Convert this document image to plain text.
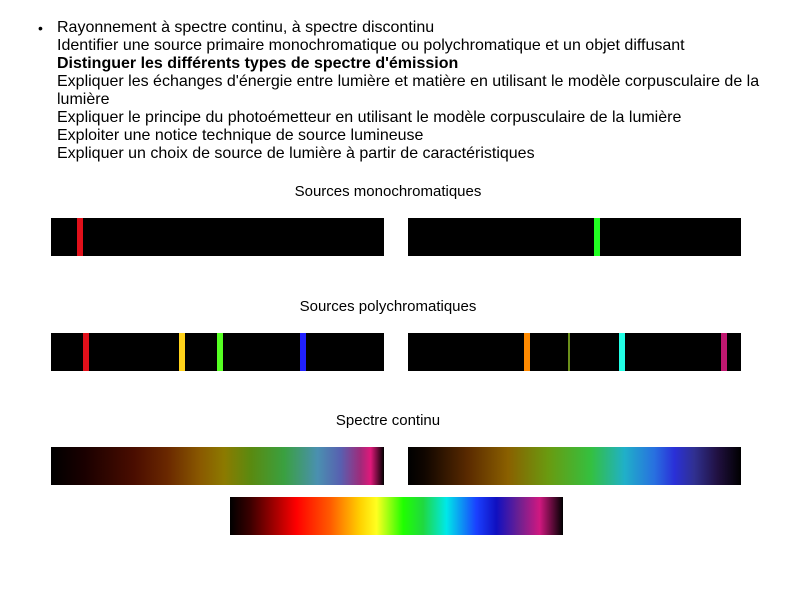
• Rayonnement à spectre continu, à spectre discontinu
Identifier une source primaire monochromatique ou polychromatique et un objet diffusant
Distinguer les différents types de spectre d'émission
Expliquer les échanges d'énergie entre lumière et matière en utilisant le modèle corpusculaire de la lumière
Expliquer le principe du photoémetteur en utilisant le modèle corpusculaire de la lumière
Exploiter une notice technique de source lumineuse
Expliquer un choix de source de lumière à partir de caractéristiques
Sources monochromatiques
Sources polychromatiques
Spectre continu
